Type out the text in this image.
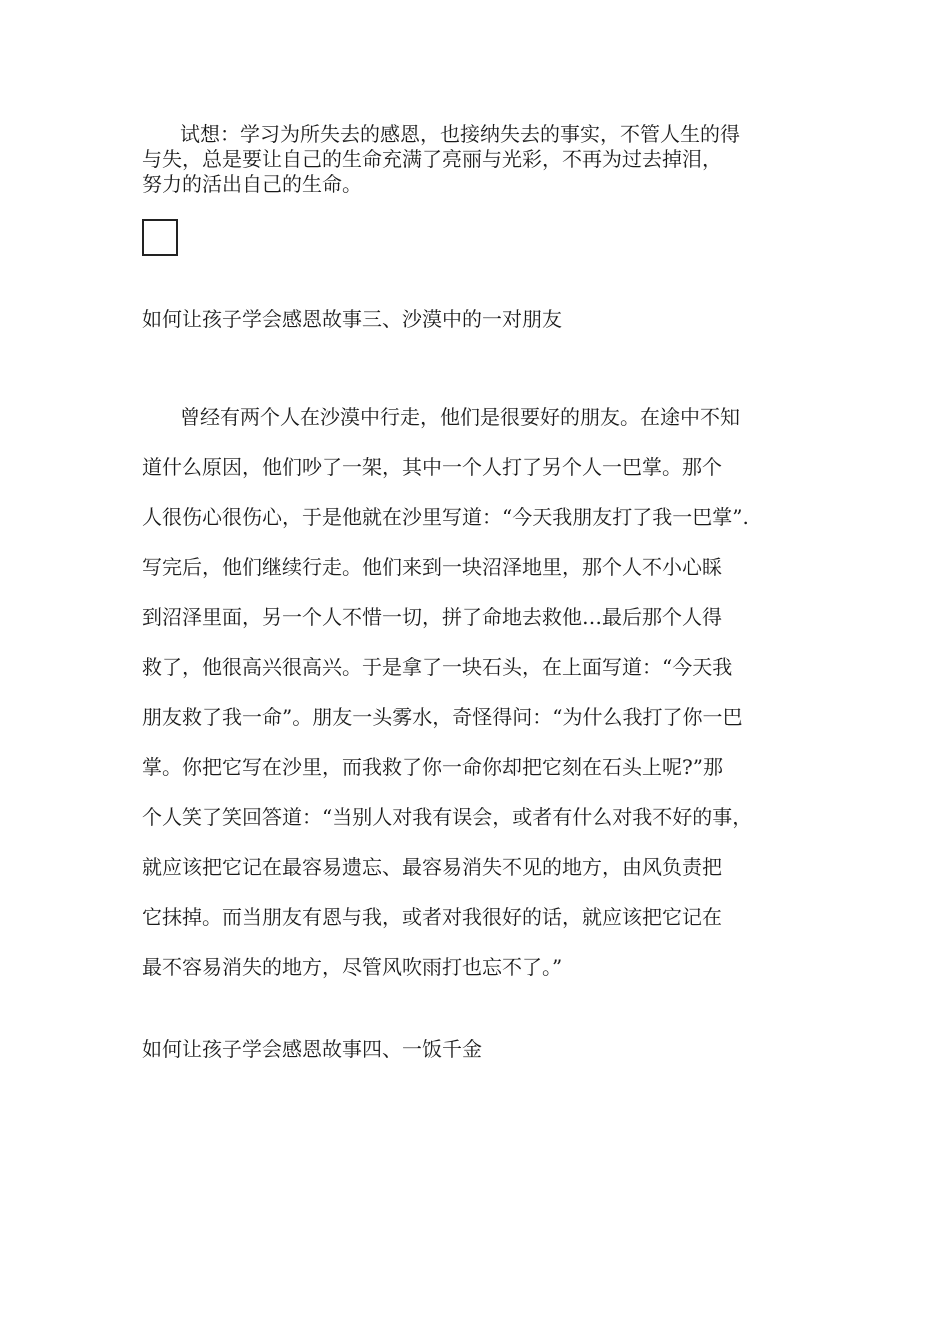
试想：学习为所失去的感恩，也接纳失去的事实，不管人生的得
与失，总是要让自己的生命充满了亮丽与光彩，不再为过去掉泪，
努力的活出自己的生命。
如何让孩子学会感恩故事三、沙漠中的一对朋友
曾经有两个人在沙漠中行走，他们是很要好的朋友。在途中不知
道什么原因，他们吵了一架，其中一个人打了另个人一巴掌。那个
人很伤心很伤心，于是他就在沙里写道：“今天我朋友打了我一巴掌”.
写完后，他们继续行走。他们来到一块沼泽地里，那个人不小心睬
到沼泽里面，另一个人不惜一切，拼了命地去救他…最后那个人得
救了，他很高兴很高兴。于是拿了一块石头，在上面写道：“今天我
朋友救了我一命”。朋友一头雾水，奇怪得问：“为什么我打了你一巴
掌。你把它写在沙里，而我救了你一命你却把它刻在石头上呢?”那
个人笑了笑回答道：“当别人对我有误会，或者有什么对我不好的事，
就应该把它记在最容易遗忘、最容易消失不见的地方，由风负责把
它抹掉。而当朋友有恩与我，或者对我很好的话，就应该把它记在
最不容易消失的地方，尽管风吹雨打也忘不了。”
如何让孩子学会感恩故事四、一饭千金
